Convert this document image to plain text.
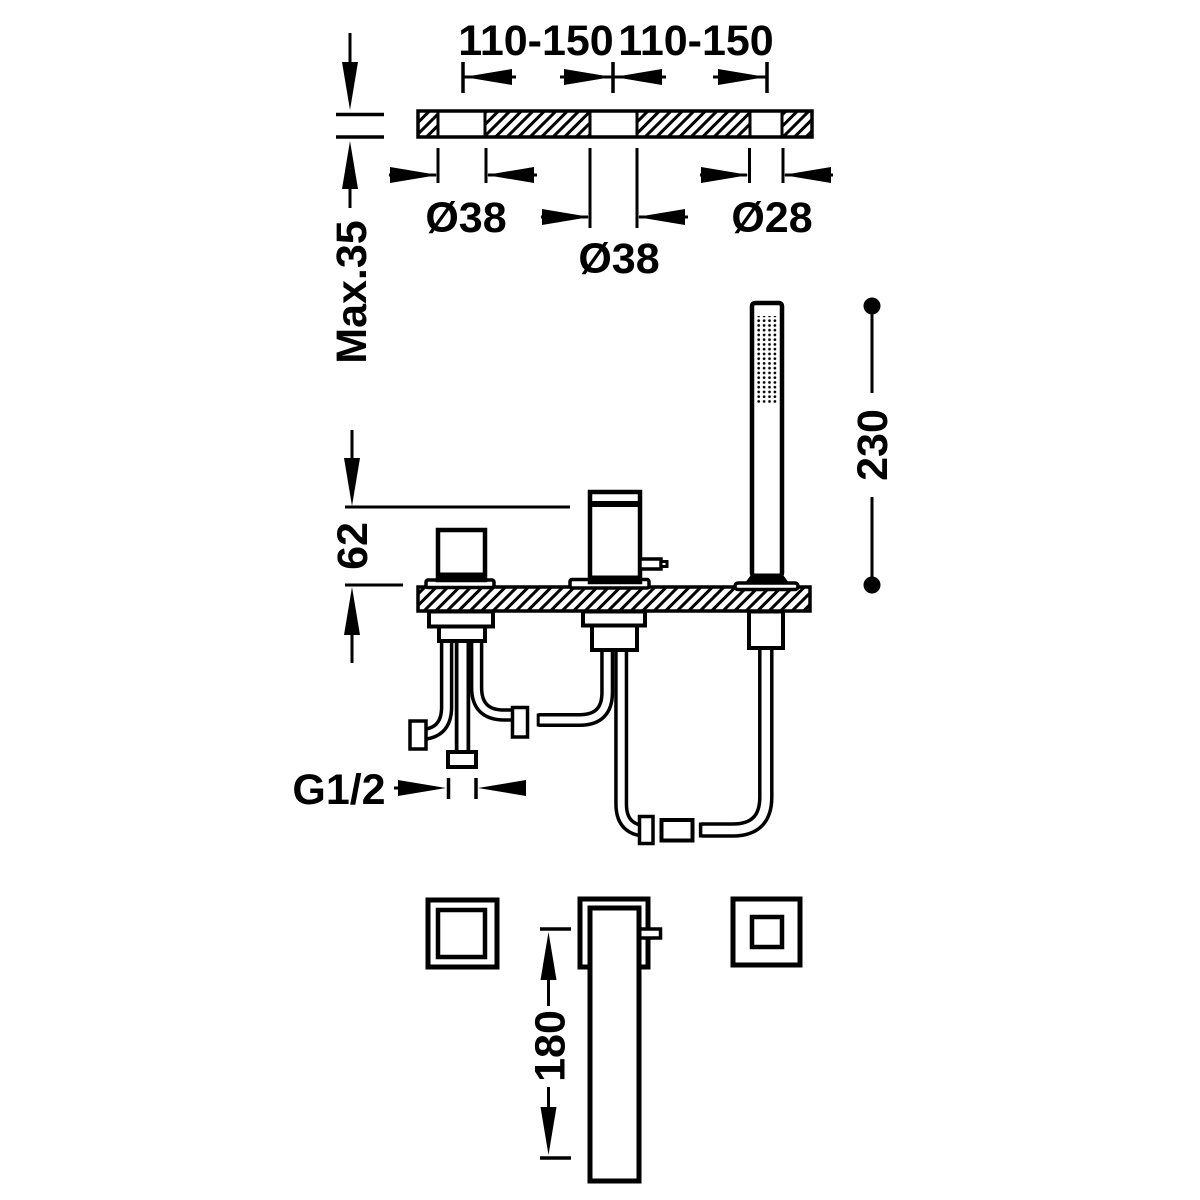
110-150 110-150
Ø38
Ø38
Ø28
Max.35
62
230
G1/2
180
